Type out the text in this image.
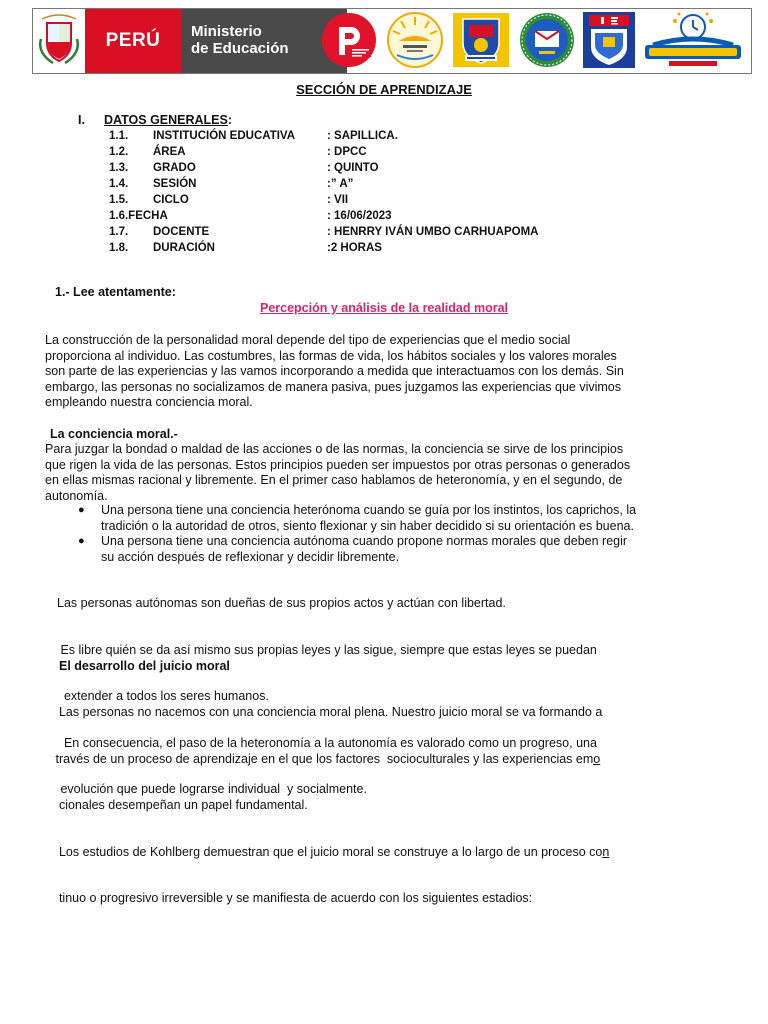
PERÚ	Ministerio
de Educación
SECCIÓN DE APRENDIZAJE
I. DATOS GENERALES:
1.1. INSTITUCIÓN EDUCATIVA	: SAPILLICA.
1.2. ÁREA	: DPCC
1.3. GRADO	: QUINTO
1.4. SESIÓN	:” A”
1.5. CICLO	: VII
1.6.FECHA	: 16/06/2023
1.7. DOCENTE	: HENRRY IVÁN UMBO CARHUAPOMA
1.8. DURACIÓN	:2 HORAS
1.- Lee atentamente:
Percepción y análisis de la realidad moral
La construcción de la personalidad moral depende del tipo de experiencias que el medio social
proporciona al individuo. Las costumbres, las formas de vida, los hábitos sociales y los valores morales
son parte de las experiencias y las vamos incorporando a medida que interactuamos con los demás. Sin
embargo, las personas no socializamos de manera pasiva, pues juzgamos las experiencias que vivimos
empleando nuestra conciencia moral.
La conciencia moral.-
Para juzgar la bondad o maldad de las acciones o de las normas, la conciencia se sirve de los principios
que rigen la vida de las personas. Estos principios pueden ser impuestos por otras personas o generados
en ellas mismas racional y libremente. En el primer caso hablamos de heteronomía, y en el segundo, de
autonomía.
● Una persona tiene una conciencia heterónoma cuando se guía por los instintos, los caprichos, la
tradición o la autoridad de otros, siento flexionar y sin haber decidido si su orientación es buena.
● Una persona tiene una conciencia autónoma cuando propone normas morales que deben regir
su acción después de reflexionar y decidir libremente.

Las personas autónomas son dueñas de sus propios actos y actúan con libertad.

Es libre quién se da así mismo sus propias leyes y las sigue, siempre que estas leyes se puedan

extender a todos los seres humanos.

En consecuencia, el paso de la heteronomía a la autonomía es valorado como un progreso, una

evolución que puede lograrse individual  y socialmente.

El desarrollo del juicio moral

Las personas no nacemos con una conciencia moral plena. Nuestro juicio moral se va formando a

través de un proceso de aprendizaje en el que los factores  socioculturales y las experiencias emo

cionales desempeñan un papel fundamental.

Los estudios de Kohlberg demuestran que el juicio moral se construye a lo largo de un proceso con

tinuo o progresivo irreversible y se manifiesta de acuerdo con los siguientes estadios:
